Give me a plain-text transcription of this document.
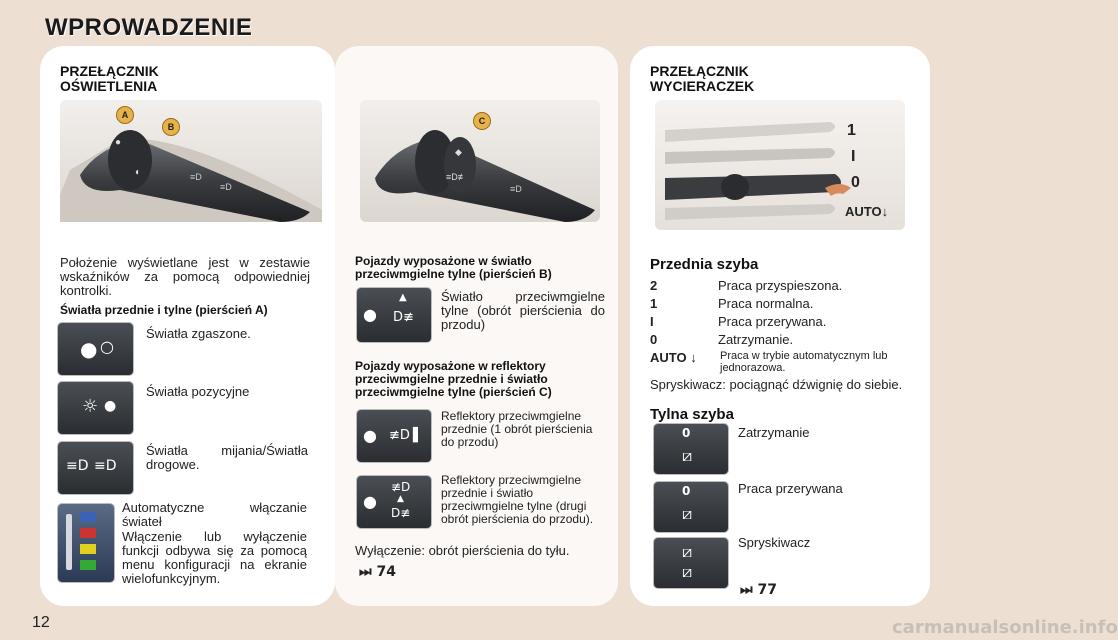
WPROWADZENIE
PRZEŁĄCZNIK OŚWIETLENIA
●
◐	≡D
≡D
A
B
Położenie wyświetlane jest w zestawie wskaźników za pomocą odpowiedniej kontrolki.
Światła przednie i tylne (pierścień A)
● ○
Światła zgaszone.
☼ ●
Światła pozycyjne
≡D ≡D
Światła mijania/Światła drogowe.
Automatyczne włączanie świateł
Włączenie lub wyłączenie funkcji odbywa się za pomocą menu konfiguracji na ekranie wielofunkcyjnym.
◆
≡D≢
≡D
C
Pojazdy wyposażone w światło przeciwmgielne tylne (pierścień B)
●
▲
D≢
Światło przeciwmgielne tylne (obrót pierścienia do przodu)
Pojazdy wyposażone w reflektory przeciwmgielne przednie i światło przeciwmgielne tylne (pierścień C)
● ≢D ▌
Reflektory przeciwmgielne przednie (1 obrót pierścienia do przodu)
●
≢D
▲
D≢
Reflektory przeciwmgielne przednie i światło przeciwmgielne tylne (drugi obrót pierścienia do przodu).
Wyłączenie: obrót pierścienia do tyłu.
⏭ 74
PRZEŁĄCZNIK WYCIERACZEK
1
I
0
AUTO↓
Przednia szyba
2	Praca przyspieszona.
1	Praca normalna.
I	Praca przerywana.
0	Zatrzymanie.
AUTO ↓ Praca w trybie automatycznym lub jednorazowa.
Spryskiwacz: pociągnąć dźwignię do siebie.
Tylna szyba
0
⧄
Zatrzymanie
0
⧄
Praca przerywana
⧄
⧄
Spryskiwacz
⏭ 77
12	carmanualsonline.info
